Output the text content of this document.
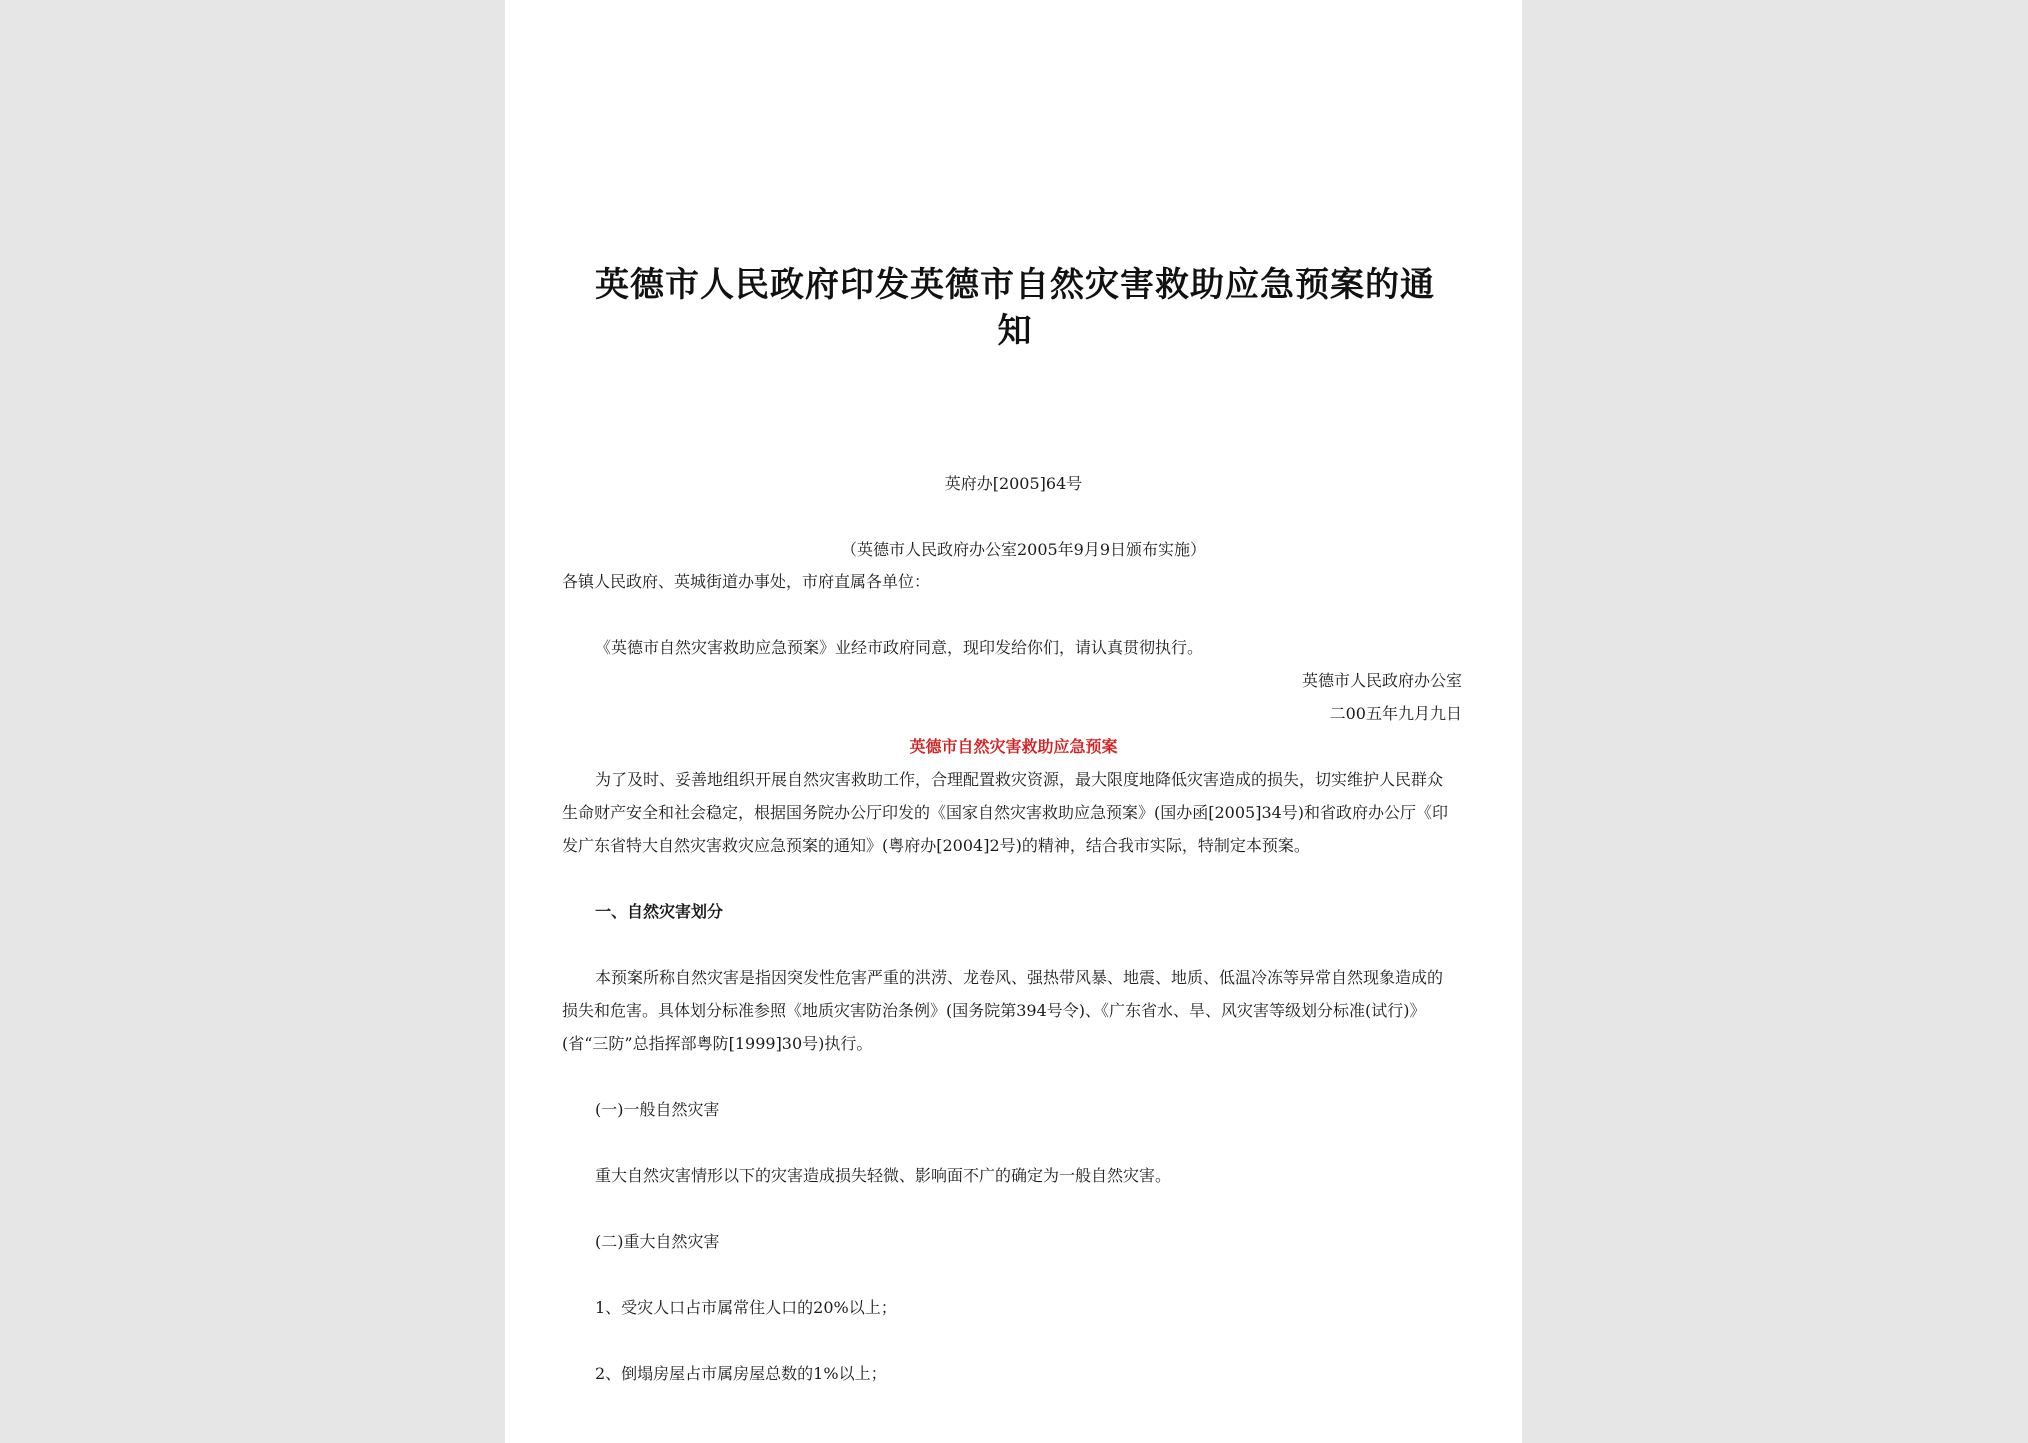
英德市人民政府印发英德市自然灾害救助应急预案的通
知
英府办[2005]64号
（英德市人民政府办公室2005年9月9日颁布实施）
各镇人民政府、英城街道办事处，市府直属各单位：
《英德市自然灾害救助应急预案》业经市政府同意，现印发给你们，请认真贯彻执行。
英德市人民政府办公室
二00五年九月九日
英德市自然灾害救助应急预案
为了及时、妥善地组织开展自然灾害救助工作，合理配置救灾资源，最大限度地降低灾害造成的损失，切实维护人民群众
生命财产安全和社会稳定，根据国务院办公厅印发的《国家自然灾害救助应急预案》(国办函[2005]34号)和省政府办公厅《印
发广东省特大自然灾害救灾应急预案的通知》(粤府办[2004]2号)的精神，结合我市实际，特制定本预案。
一、自然灾害划分
本预案所称自然灾害是指因突发性危害严重的洪涝、龙卷风、强热带风暴、地震、地质、低温冷冻等异常自然现象造成的
损失和危害。具体划分标准参照《地质灾害防治条例》(国务院第394号令)、《广东省水、旱、风灾害等级划分标准(试行)》
(省“三防”总指挥部粤防[1999]30号)执行。
(一)一般自然灾害
重大自然灾害情形以下的灾害造成损失轻微、影响面不广的确定为一般自然灾害。
(二)重大自然灾害
1、受灾人口占市属常住人口的20%以上；
2、倒塌房屋占市属房屋总数的1%以上；
